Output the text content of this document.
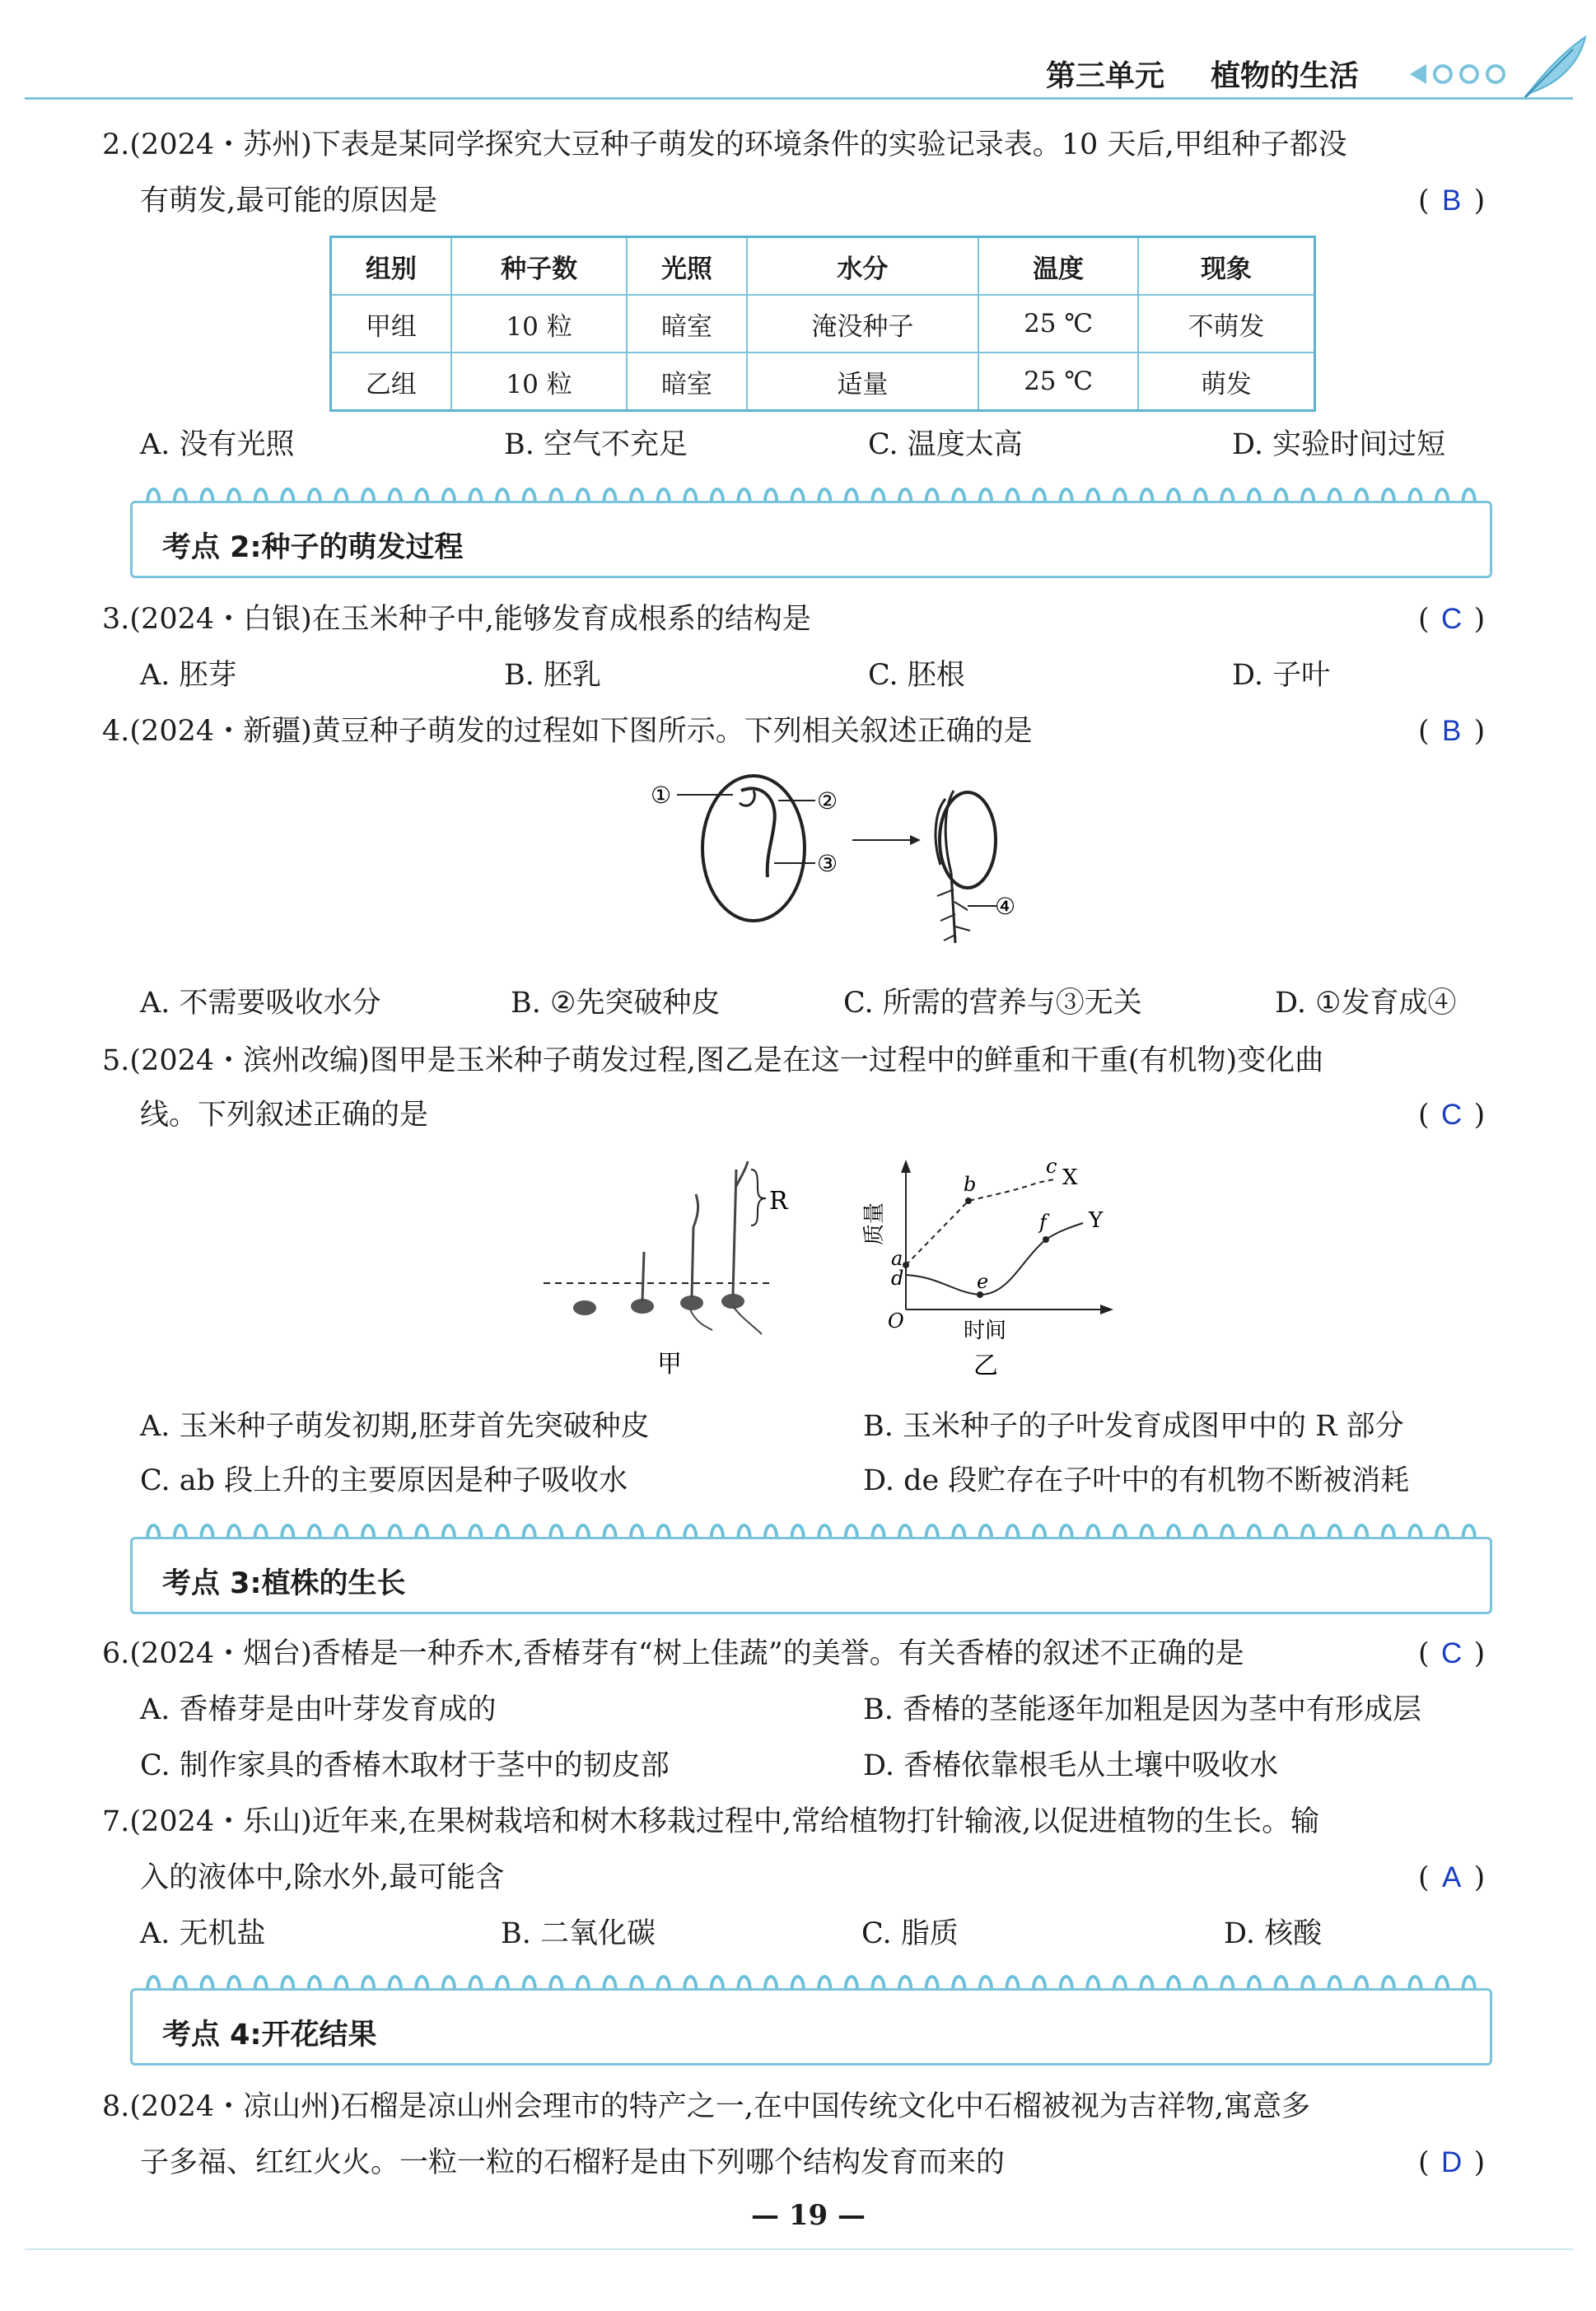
第三单元 植物的生活
2.(2024・苏州)下表是某同学探究大豆种子萌发的环境条件的实验记录表。10 天后,甲组种子都没
有萌发,最可能的原因是	( B )
组别	种子数	光照	水分	温度	现象
甲组	10 粒	暗室	淹没种子	25 ℃	不萌发
乙组	10 粒	暗室	适量	25 ℃	萌发
A. 没有光照	B. 空气不充足	C. 温度太高	D. 实验时间过短
考点 2:种子的萌发过程
3.(2024・白银)在玉米种子中,能够发育成根系的结构是	( C )
A. 胚芽	B. 胚乳	C. 胚根	D. 子叶
4.(2024・新疆)黄豆种子萌发的过程如下图所示。下列相关叙述正确的是	( B )
①	②
③
④
A. 不需要吸收水分	B. ②先突破种皮	C. 所需的营养与③无关	D. ①发育成④
5.(2024・滨州改编)图甲是玉米种子萌发过程,图乙是在这一过程中的鲜重和干重(有机物)变化曲
线。下列叙述正确的是	( C )
R
甲
a
b
c
d	e
f
X
Y
O	时间
质量
乙
A. 玉米种子萌发初期,胚芽首先突破种皮	B. 玉米种子的子叶发育成图甲中的 R 部分
C. ab 段上升的主要原因是种子吸收水	D. de 段贮存在子叶中的有机物不断被消耗
考点 3:植株的生长
6.(2024・烟台)香椿是一种乔木,香椿芽有“树上佳蔬”的美誉。有关香椿的叙述不正确的是	( C )
A. 香椿芽是由叶芽发育成的	B. 香椿的茎能逐年加粗是因为茎中有形成层
C. 制作家具的香椿木取材于茎中的韧皮部	D. 香椿依靠根毛从土壤中吸收水
7.(2024・乐山)近年来,在果树栽培和树木移栽过程中,常给植物打针输液,以促进植物的生长。输
入的液体中,除水外,最可能含	( A )
A. 无机盐	B. 二氧化碳	C. 脂质	D. 核酸
考点 4:开花结果
8.(2024・凉山州)石榴是凉山州会理市的特产之一,在中国传统文化中石榴被视为吉祥物,寓意多
子多福、红红火火。一粒一粒的石榴籽是由下列哪个结构发育而来的	( D )
— 19 —
